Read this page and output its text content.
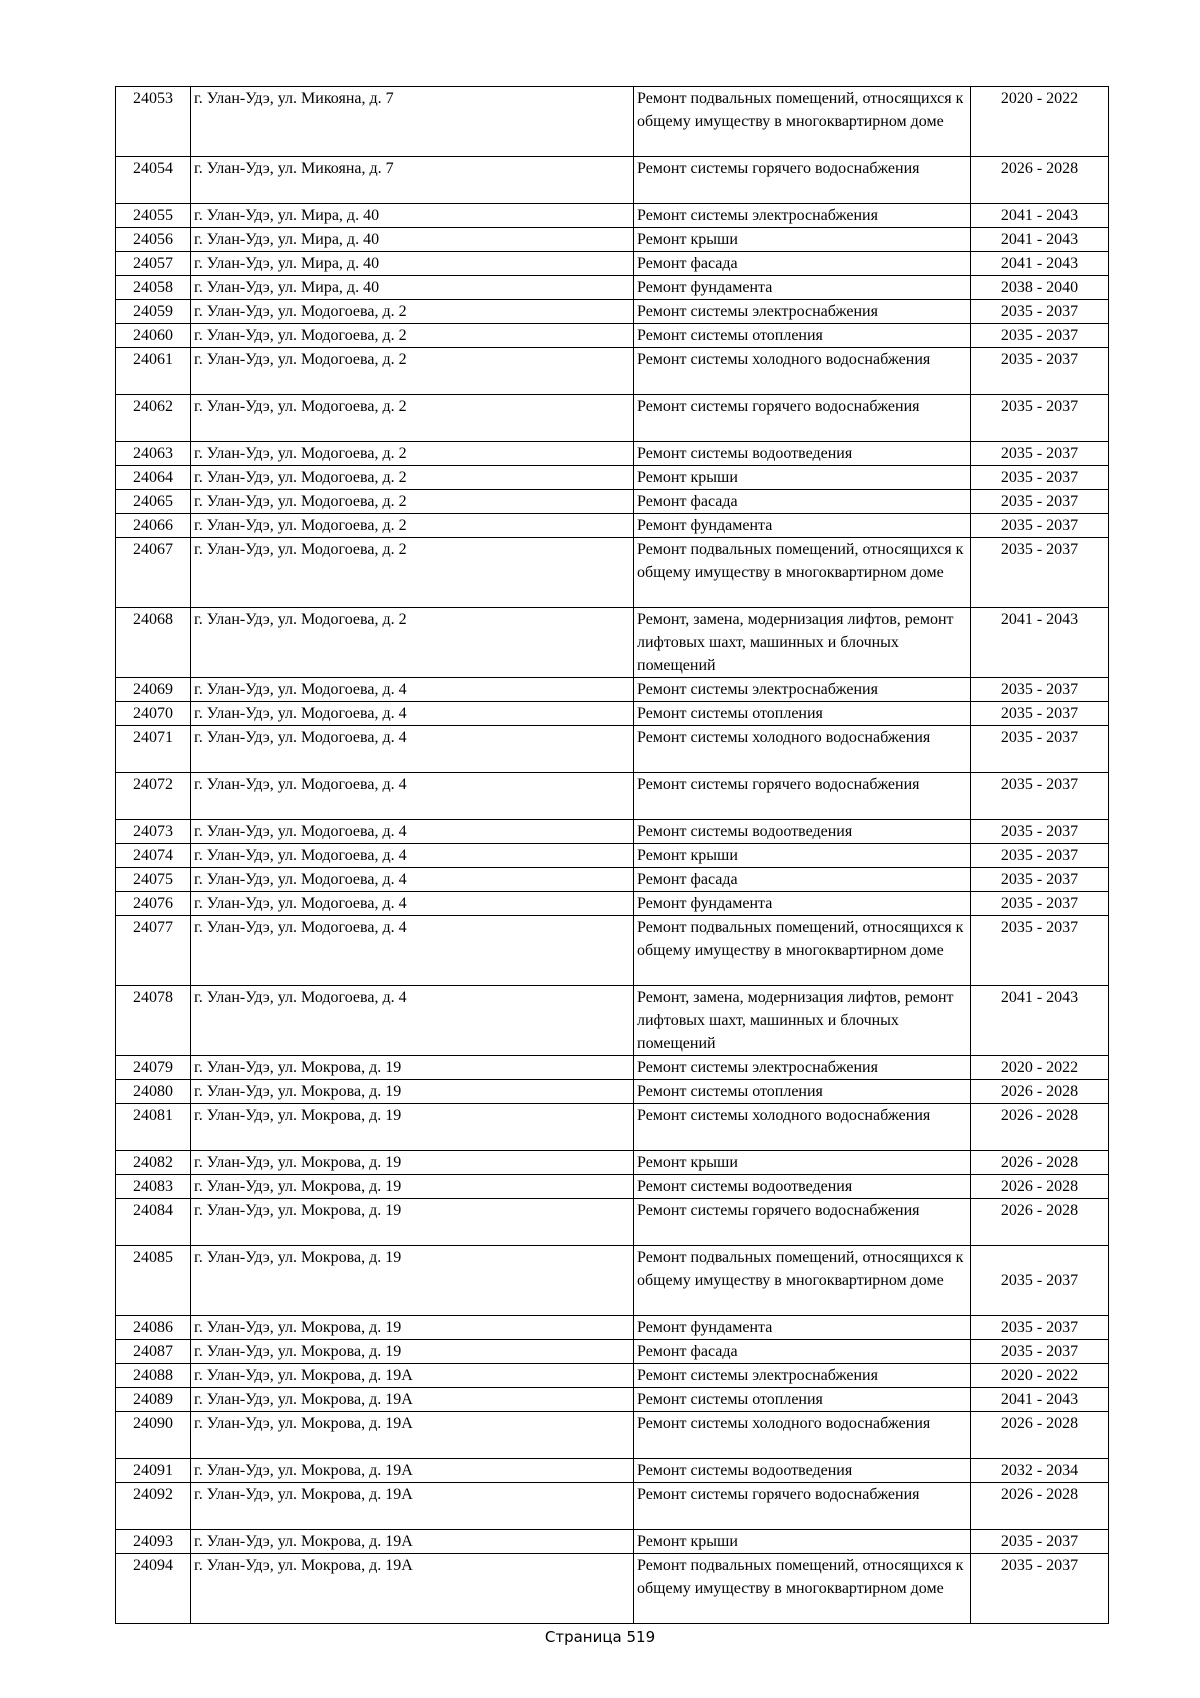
24053	г. Улан-Удэ, ул. Микояна, д. 7	Ремонт подвальных помещений, относящихся к общему имуществу в многоквартирном доме	2020 - 2022
24054	г. Улан-Удэ, ул. Микояна, д. 7	Ремонт системы горячего водоснабжения	2026 - 2028
24055	г. Улан-Удэ, ул. Мира, д. 40	Ремонт системы электроснабжения	2041 - 2043
24056	г. Улан-Удэ, ул. Мира, д. 40	Ремонт крыши	2041 - 2043
24057	г. Улан-Удэ, ул. Мира, д. 40	Ремонт фасада	2041 - 2043
24058	г. Улан-Удэ, ул. Мира, д. 40	Ремонт фундамента	2038 - 2040
24059	г. Улан-Удэ, ул. Модогоева, д. 2	Ремонт системы электроснабжения	2035 - 2037
24060	г. Улан-Удэ, ул. Модогоева, д. 2	Ремонт системы отопления	2035 - 2037
24061	г. Улан-Удэ, ул. Модогоева, д. 2	Ремонт системы холодного водоснабжения	2035 - 2037
24062	г. Улан-Удэ, ул. Модогоева, д. 2	Ремонт системы горячего водоснабжения	2035 - 2037
24063	г. Улан-Удэ, ул. Модогоева, д. 2	Ремонт системы водоотведения	2035 - 2037
24064	г. Улан-Удэ, ул. Модогоева, д. 2	Ремонт крыши	2035 - 2037
24065	г. Улан-Удэ, ул. Модогоева, д. 2	Ремонт фасада	2035 - 2037
24066	г. Улан-Удэ, ул. Модогоева, д. 2	Ремонт фундамента	2035 - 2037
24067	г. Улан-Удэ, ул. Модогоева, д. 2	Ремонт подвальных помещений, относящихся к общему имуществу в многоквартирном доме	2035 - 2037
24068	г. Улан-Удэ, ул. Модогоева, д. 2	Ремонт, замена, модернизация лифтов, ремонт лифтовых шахт, машинных и блочных помещений	2041 - 2043
24069	г. Улан-Удэ, ул. Модогоева, д. 4	Ремонт системы электроснабжения	2035 - 2037
24070	г. Улан-Удэ, ул. Модогоева, д. 4	Ремонт системы отопления	2035 - 2037
24071	г. Улан-Удэ, ул. Модогоева, д. 4	Ремонт системы холодного водоснабжения	2035 - 2037
24072	г. Улан-Удэ, ул. Модогоева, д. 4	Ремонт системы горячего водоснабжения	2035 - 2037
24073	г. Улан-Удэ, ул. Модогоева, д. 4	Ремонт системы водоотведения	2035 - 2037
24074	г. Улан-Удэ, ул. Модогоева, д. 4	Ремонт крыши	2035 - 2037
24075	г. Улан-Удэ, ул. Модогоева, д. 4	Ремонт фасада	2035 - 2037
24076	г. Улан-Удэ, ул. Модогоева, д. 4	Ремонт фундамента	2035 - 2037
24077	г. Улан-Удэ, ул. Модогоева, д. 4	Ремонт подвальных помещений, относящихся к общему имуществу в многоквартирном доме	2035 - 2037
24078	г. Улан-Удэ, ул. Модогоева, д. 4	Ремонт, замена, модернизация лифтов, ремонт лифтовых шахт, машинных и блочных помещений	2041 - 2043
24079	г. Улан-Удэ, ул. Мокрова, д. 19	Ремонт системы электроснабжения	2020 - 2022
24080	г. Улан-Удэ, ул. Мокрова, д. 19	Ремонт системы отопления	2026 - 2028
24081	г. Улан-Удэ, ул. Мокрова, д. 19	Ремонт системы холодного водоснабжения	2026 - 2028
24082	г. Улан-Удэ, ул. Мокрова, д. 19	Ремонт крыши	2026 - 2028
24083	г. Улан-Удэ, ул. Мокрова, д. 19	Ремонт системы водоотведения	2026 - 2028
24084	г. Улан-Удэ, ул. Мокрова, д. 19	Ремонт системы горячего водоснабжения	2026 - 2028
24085	г. Улан-Удэ, ул. Мокрова, д. 19	Ремонт подвальных помещений, относящихся к общему имуществу в многоквартирном доме	2035 - 2037
24086	г. Улан-Удэ, ул. Мокрова, д. 19	Ремонт фундамента	2035 - 2037
24087	г. Улан-Удэ, ул. Мокрова, д. 19	Ремонт фасада	2035 - 2037
24088	г. Улан-Удэ, ул. Мокрова, д. 19А	Ремонт системы электроснабжения	2020 - 2022
24089	г. Улан-Удэ, ул. Мокрова, д. 19А	Ремонт системы отопления	2041 - 2043
24090	г. Улан-Удэ, ул. Мокрова, д. 19А	Ремонт системы холодного водоснабжения	2026 - 2028
24091	г. Улан-Удэ, ул. Мокрова, д. 19А	Ремонт системы водоотведения	2032 - 2034
24092	г. Улан-Удэ, ул. Мокрова, д. 19А	Ремонт системы горячего водоснабжения	2026 - 2028
24093	г. Улан-Удэ, ул. Мокрова, д. 19А	Ремонт крыши	2035 - 2037
24094	г. Улан-Удэ, ул. Мокрова, д. 19А	Ремонт подвальных помещений, относящихся к общему имуществу в многоквартирном доме	2035 - 2037
Страница 519
